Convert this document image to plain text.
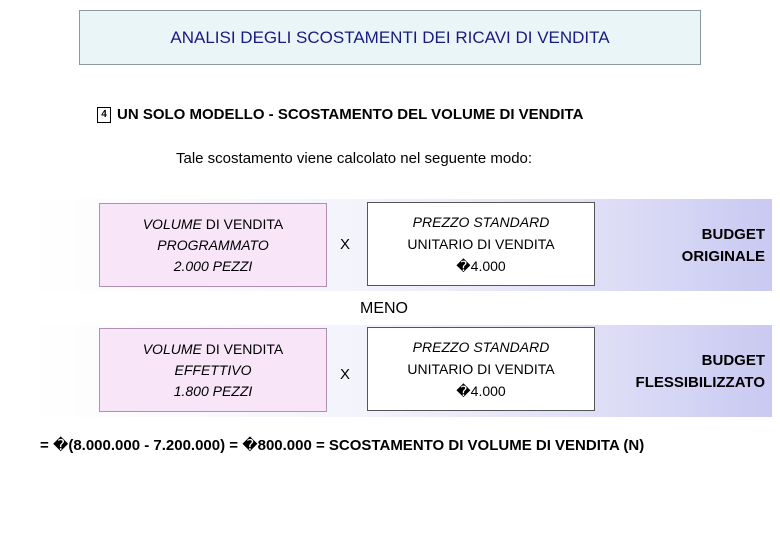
ANALISI DEGLI SCOSTAMENTI DEI RICAVI DI VENDITA
4 UN SOLO MODELLO - SCOSTAMENTO DEL VOLUME DI VENDITA
Tale scostamento viene calcolato nel seguente modo:
VOLUME DI VENDITA
PROGRAMMATO
2.000 PEZZI
X
PREZZO STANDARD
UNITARIO DI VENDITA
�4.000
BUDGET
ORIGINALE
MENO
VOLUME DI VENDITA
EFFETTIVO
1.800 PEZZI
X
PREZZO STANDARD
UNITARIO DI VENDITA
�4.000
BUDGET
FLESSIBILIZZATO
= �(8.000.000 - 7.200.000) = �800.000 = SCOSTAMENTO DI VOLUME DI VENDITA (N)
